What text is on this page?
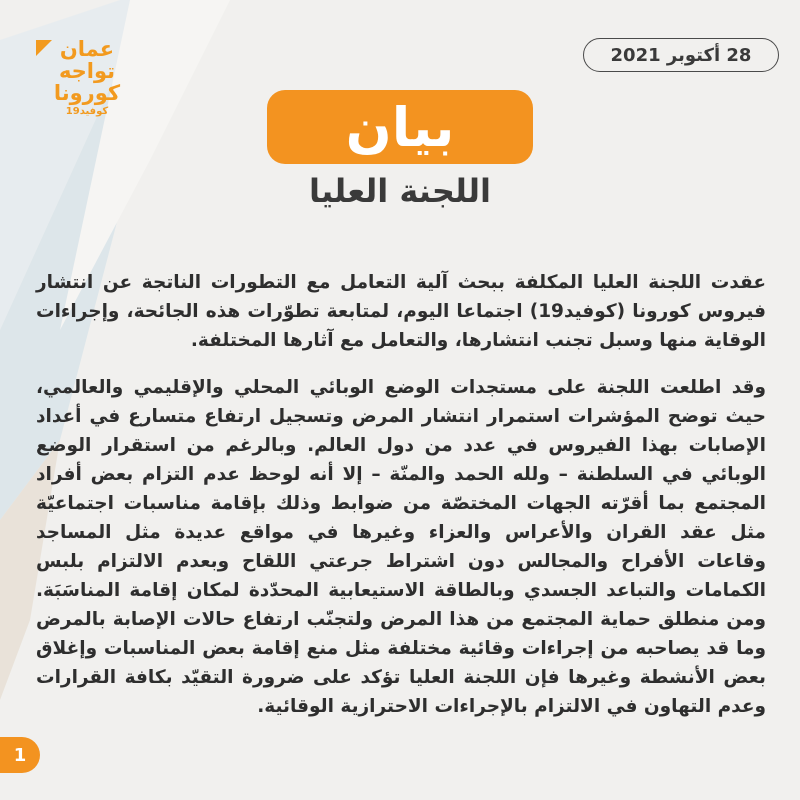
28 أكتوبر 2021
عمان
تواجه
كورونا
كوفيد19	بيان
اللجنة العليا

عقدت اللجنة العليا المكلفة ببحث آلية التعامل مع التطورات الناتجة عن انتشار فيروس كورونا (كوفيد19) اجتماعا اليوم، لمتابعة تطوّرات هذه الجائحة، وإجراءات الوقاية منها وسبل تجنب انتشارها، والتعامل مع آثارها المختلفة.

وقد اطلعت اللجنة على مستجدات الوضع الوبائي المحلي والإقليمي والعالمي، حيث توضح المؤشرات استمرار انتشار المرض وتسجيل ارتفاع متسارع في أعداد الإصابات بهذا الفيروس في عدد من دول العالم. وبالرغم من استقرار الوضع الوبائي في السلطنة – ولله الحمد والمنّة – إلا أنه لوحظ عدم التزام بعض أفراد المجتمع بما أقرّته الجهات المختصّة من ضوابط وذلك بإقامة مناسبات اجتماعيّة مثل عقد القران والأعراس والعزاء وغيرها في مواقع عديدة مثل المساجد وقاعات الأفراح والمجالس دون اشتراط جرعتي اللقاح وبعدم الالتزام بلبس الكمامات والتباعد الجسدي وبالطاقة الاستيعابية المحدّدة لمكان إقامة المناسَبَة. ومن منطلق حماية المجتمع من هذا المرض ولتجنّب ارتفاع حالات الإصابة بالمرض وما قد يصاحبه من إجراءات وقائية مختلفة مثل منع إقامة بعض المناسبات وإغلاق بعض الأنشطة وغيرها فإن اللجنة العليا تؤكد على ضرورة التقيّد بكافة القرارات وعدم التهاون في الالتزام بالإجراءات الاحترازية الوقائية.

1
